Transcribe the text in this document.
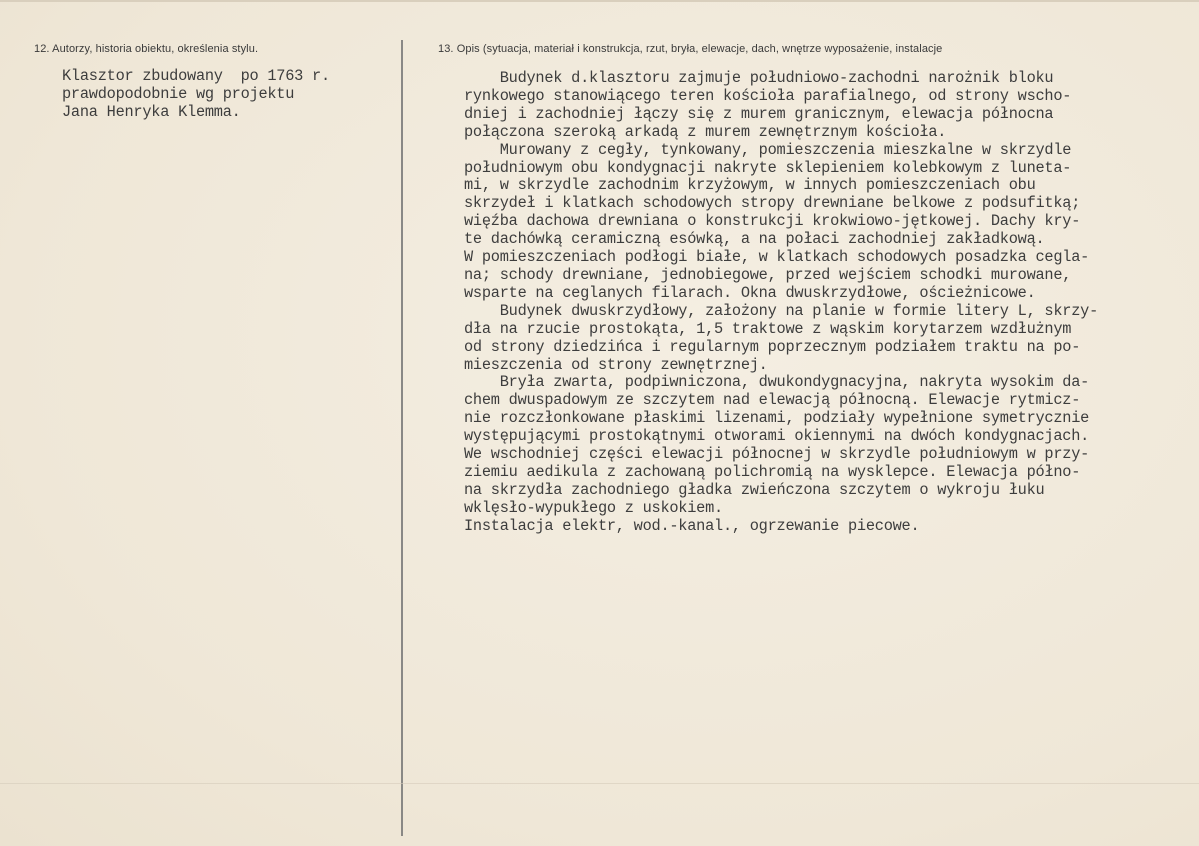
12. Autorzy, historia obiektu, określenia stylu.	13. Opis (sytuacja, materiał i konstrukcja, rzut, bryła, elewacje, dach, wnętrze wyposażenie, instalacje
Klasztor zbudowany  po 1763 r.
prawdopodobnie wg projektu
Jana Henryka Klemma.
Budynek d.klasztoru zajmuje południowo-zachodni narożnik bloku
rynkowego stanowiącego teren kościoła parafialnego, od strony wscho-
dniej i zachodniej łączy się z murem granicznym, elewacja północna
połączona szeroką arkadą z murem zewnętrznym kościoła.
Murowany z cegły, tynkowany, pomieszczenia mieszkalne w skrzydle
południowym obu kondygnacji nakryte sklepieniem kolebkowym z luneta-
mi, w skrzydle zachodnim krzyżowym, w innych pomieszczeniach obu
skrzydeł i klatkach schodowych stropy drewniane belkowe z podsufitką;
więźba dachowa drewniana o konstrukcji krokwiowo-jętkowej. Dachy kry-
te dachówką ceramiczną esówką, a na połaci zachodniej zakładkową.
W pomieszczeniach podłogi białe, w klatkach schodowych posadzka cegla-
na; schody drewniane, jednobiegowe, przed wejściem schodki murowane,
wsparte na ceglanych filarach. Okna dwuskrzydłowe, ościeżnicowe.
Budynek dwuskrzydłowy, założony na planie w formie litery L, skrzy-
dła na rzucie prostokąta, 1,5 traktowe z wąskim korytarzem wzdłużnym
od strony dziedzińca i regularnym poprzecznym podziałem traktu na po-
mieszczenia od strony zewnętrznej.
Bryła zwarta, podpiwniczona, dwukondygnacyjna, nakryta wysokim da-
chem dwuspadowym ze szczytem nad elewacją północną. Elewacje rytmicz-
nie rozczłonkowane płaskimi lizenami, podziały wypełnione symetrycznie
występującymi prostokątnymi otworami okiennymi na dwóch kondygnacjach.
We wschodniej części elewacji północnej w skrzydle południowym w przy-
ziemiu aedikula z zachowaną polichromią na wysklepce. Elewacja półno-
na skrzydła zachodniego gładka zwieńczona szczytem o wykroju łuku
wklęsło-wypukłego z uskokiem.
Instalacja elektr, wod.-kanal., ogrzewanie piecowe.
